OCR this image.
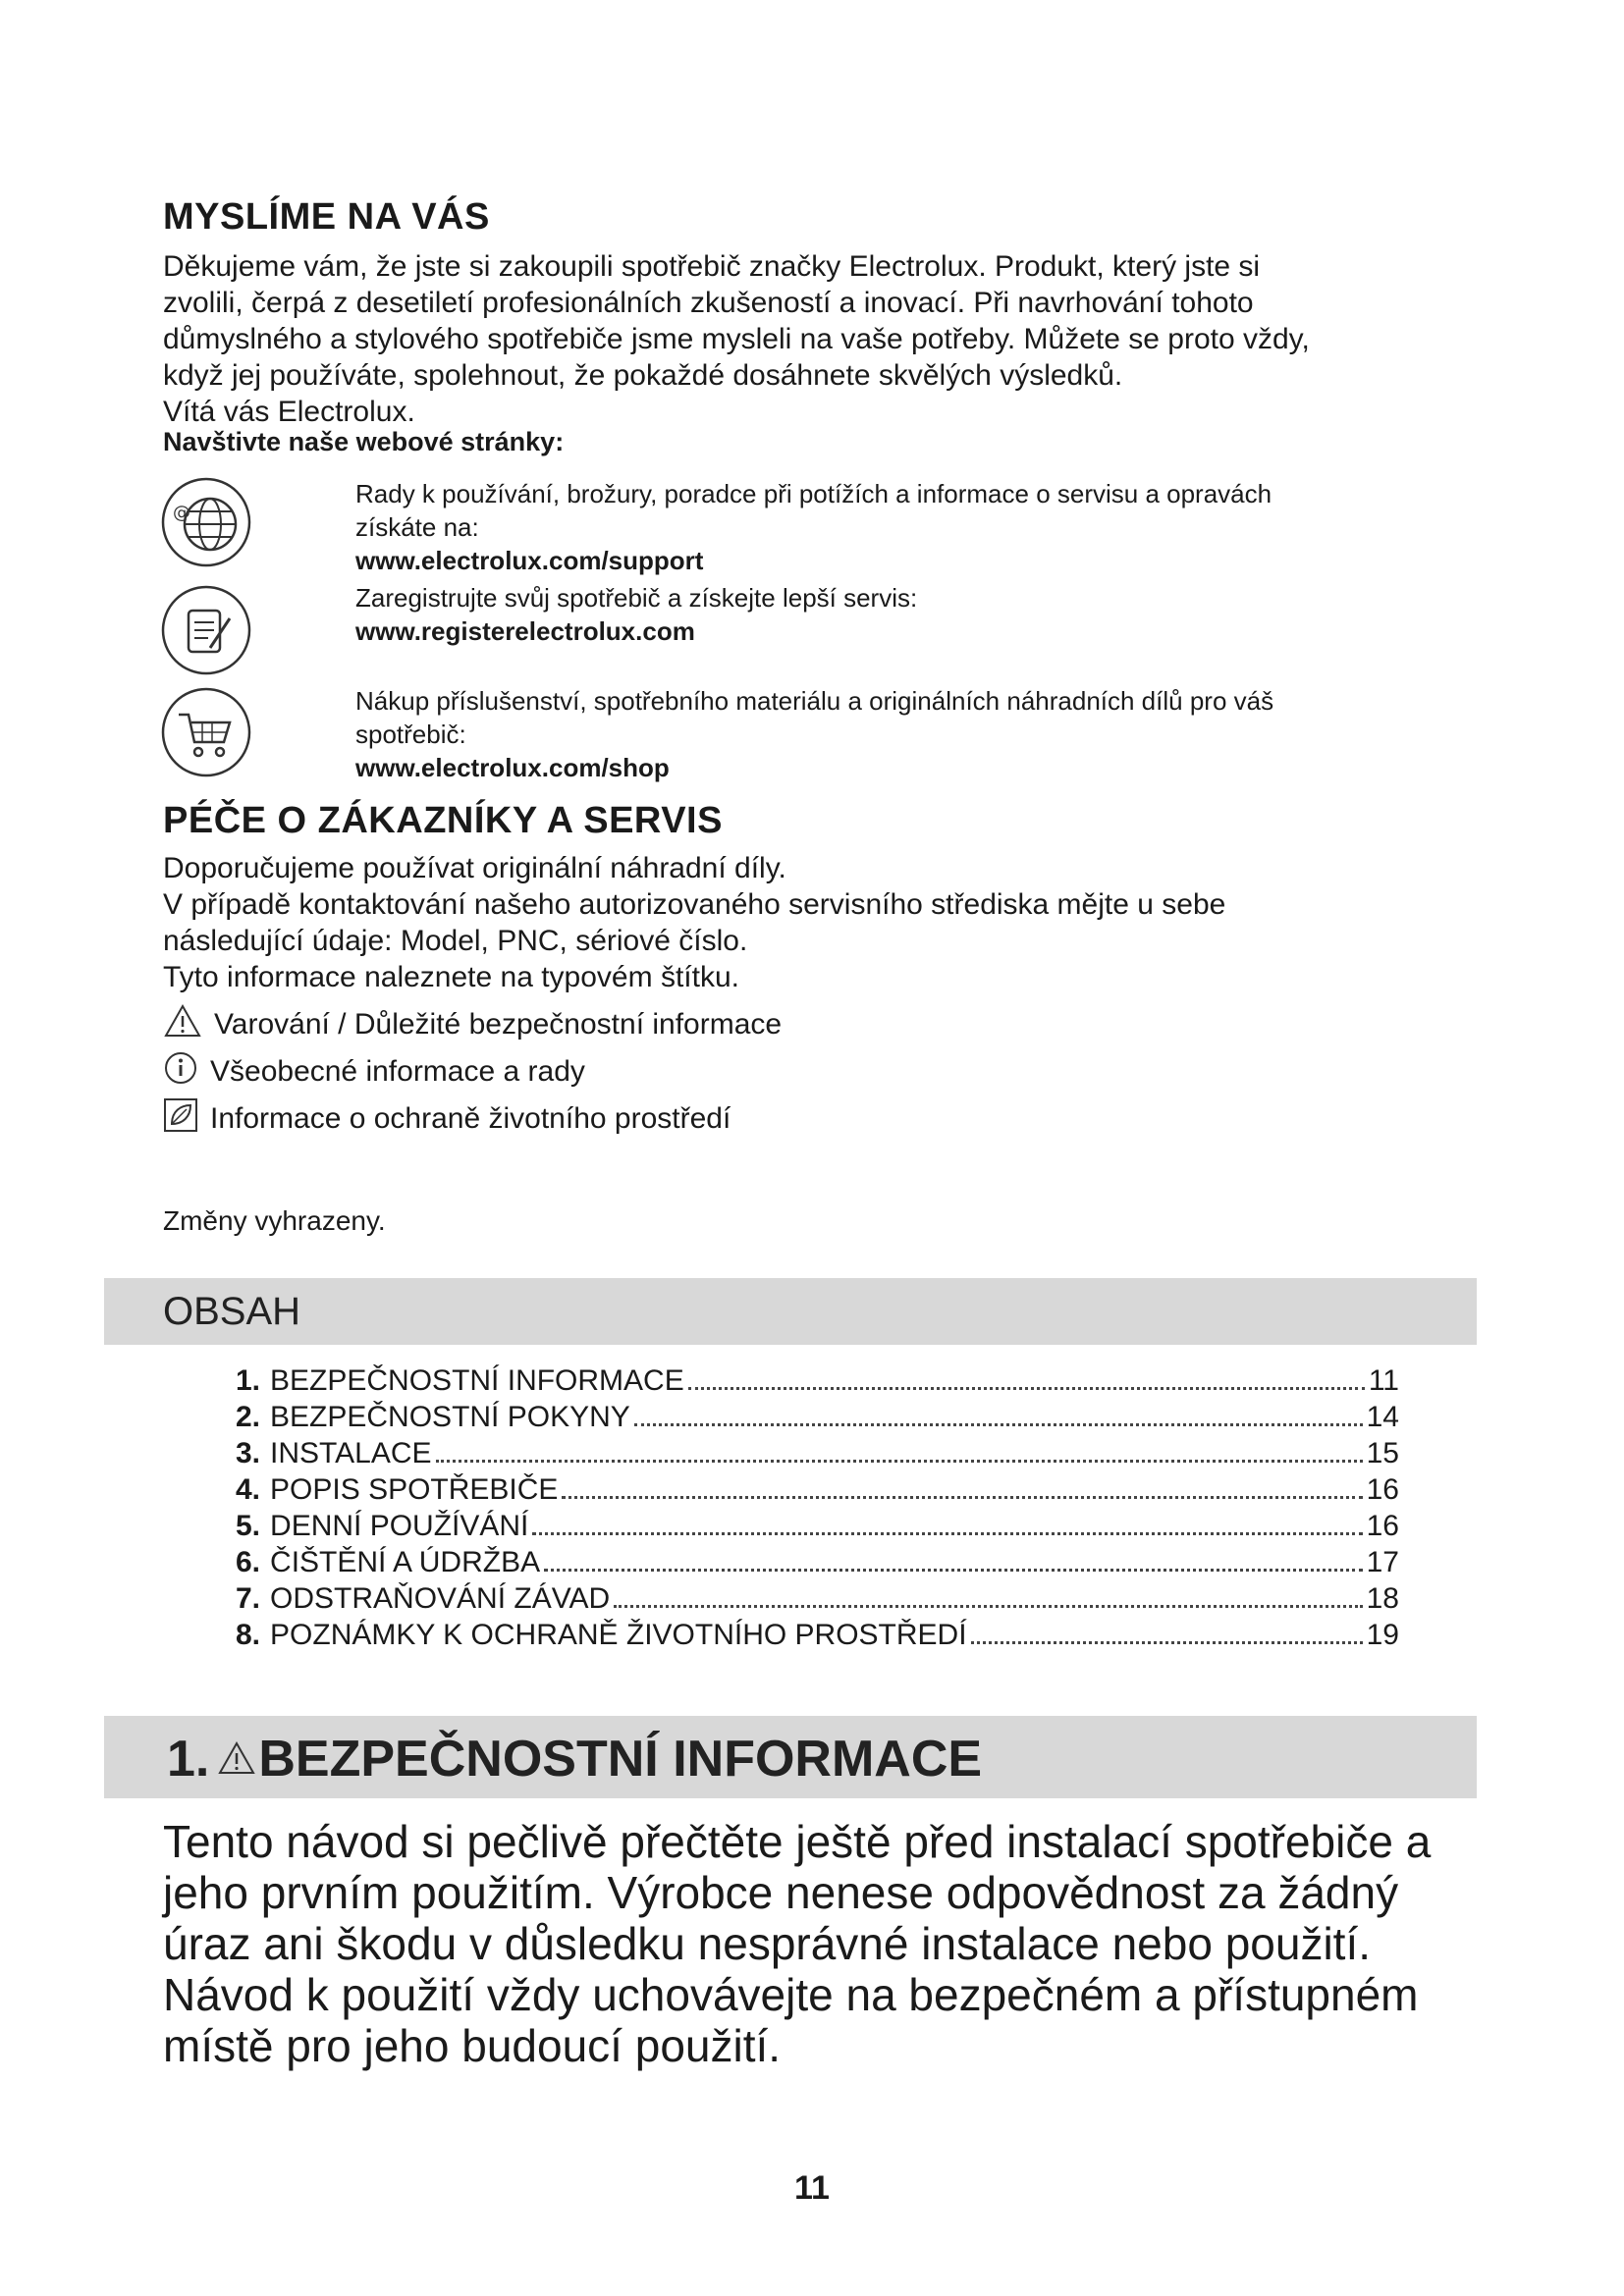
MYSLÍME NA VÁS

Děkujeme vám, že jste si zakoupili spotřebič značky Electrolux. Produkt, který jste si

zvolili, čerpá z desetiletí profesionálních zkušeností a inovací. Při navrhování tohoto

důmyslného a stylového spotřebiče jsme mysleli na vaše potřeby. Můžete se proto vždy,

když jej používáte, spolehnout, že pokaždé dosáhnete skvělých výsledků.

Vítá vás Electrolux.

Navštivte naše webové stránky:
@

Rady k používání, brožury, poradce při potížích a informace o servisu a opravách

získáte na:

www.electrolux.com/support

Zaregistrujte svůj spotřebič a získejte lepší servis:

www.registerelectrolux.com

Nákup příslušenství, spotřebního materiálu a originálních náhradních dílů pro váš

spotřebič:

www.electrolux.com/shop

PÉČE O ZÁKAZNÍKY A SERVIS

Doporučujeme používat originální náhradní díly.

V případě kontaktování našeho autorizovaného servisního střediska mějte u sebe

následující údaje: Model, PNC, sériové číslo.

Tyto informace naleznete na typovém štítku.

Varování / Důležité bezpečnostní informace
Všeobecné informace a rady
Informace o ochraně životního prostředí
Změny vyhrazeny.
OBSAH
1. BEZPEČNOSTNÍ INFORMACE	11
2. BEZPEČNOSTNÍ POKYNY	14
3. INSTALACE	15
4. POPIS SPOTŘEBIČE	16
5. DENNÍ POUŽÍVÁNÍ	16
6. ČIŠTĚNÍ A ÚDRŽBA	17
7. ODSTRAŇOVÁNÍ ZÁVAD	18
8. POZNÁMKY K OCHRANĚ ŽIVOTNÍHO PROSTŘEDÍ	19
1. BEZPEČNOSTNÍ INFORMACE
Tento návod si pečlivě přečtěte ještě před instalací spotřebiče a jeho prvním použitím. Výrobce nenese odpovědnost za žádný úraz ani škodu v důsledku nesprávné instalace nebo použití. Návod k použití vždy uchovávejte na bezpečném a přístupném místě pro jeho budoucí použití.
11
